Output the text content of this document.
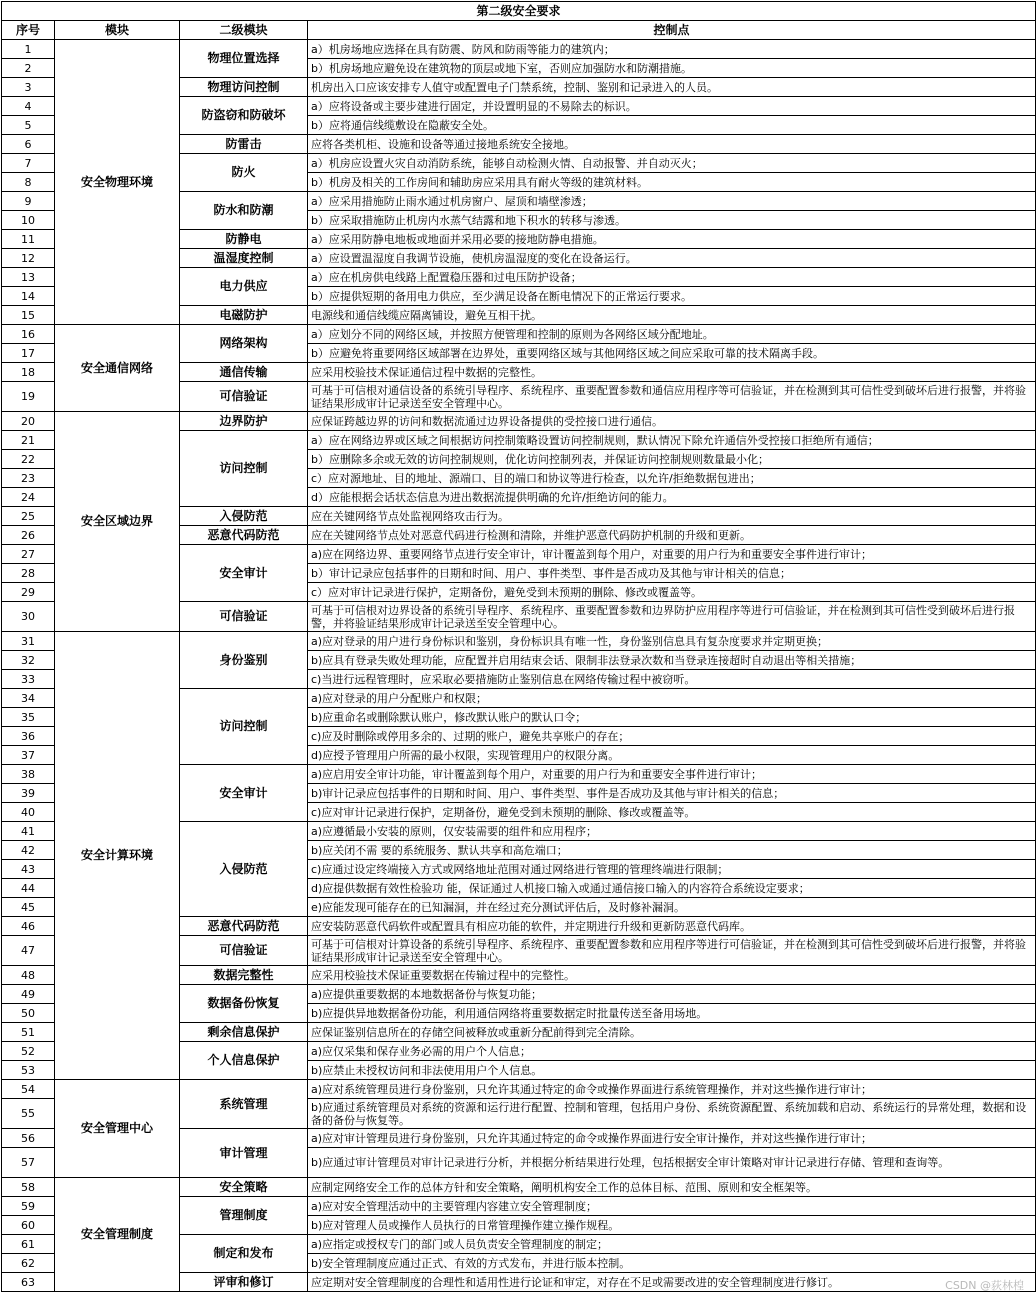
第二级安全要求			
序号	模块	二级模块	控制点
1	安全物理环境	物理位置选择	a）机房场地应选择在具有防震、防风和防雨等能力的建筑内；
2			b）机房场地应避免设在建筑物的顶层或地下室，否则应加强防水和防潮措施。
3		物理访问控制	机房出入口应该安排专人值守或配置电子门禁系统，控制、鉴别和记录进入的人员。
4		防盗窃和防破坏	a）应将设备或主要步建进行固定，并设置明显的不易除去的标识。
5			b）应将通信线缆敷设在隐蔽安全处。
6		防雷击	应将各类机柜、设施和设备等通过接地系统安全接地。
7		防火	a）机房应设置火灾自动消防系统，能够自动检测火情、自动报警、并自动灭火；
8			b）机房及相关的工作房间和辅助房应采用具有耐火等级的建筑材料。
9		防水和防潮	a）应采用措施防止雨水通过机房窗户、屋顶和墙壁渗透；
10			b）应采取措施防止机房内水蒸气结露和地下积水的转移与渗透。
11		防静电	a）应采用防静电地板或地面并采用必要的接地防静电措施。
12		温湿度控制	a）应设置温湿度自我调节设施，使机房温湿度的变化在设备运行。
13		电力供应	a）应在机房供电线路上配置稳压器和过电压防护设备；
14			b）应提供短期的备用电力供应，至少满足设备在断电情况下的正常运行要求。
15		电磁防护	电源线和通信线缆应隔离铺设，避免互相干扰。
16	安全通信网络	网络架构	a）应划分不同的网络区域，并按照方便管理和控制的原则为各网络区域分配地址。
17			b）应避免将重要网络区域部署在边界处，重要网络区域与其他网络区域之间应采取可靠的技术隔离手段。
18		通信传输	应采用校验技术保证通信过程中数据的完整性。
19		可信验证	可基于可信根对通信设备的系统引导程序、系统程序、重要配置参数和通信应用程序等可信验证，并在检测到其可信性受到破坏后进行报警，并将验证结果形成审计记录送至安全管理中心。
20	安全区域边界	边界防护	应保证跨越边界的访问和数据流通过边界设备提供的受控接口进行通信。
21		访问控制	a）应在网络边界或区域之间根据访问控制策略设置访问控制规则，默认情况下除允许通信外受控接口拒绝所有通信；
22			b）应删除多余或无效的访问控制规则，优化访问控制列表，并保证访问控制规则数量最小化；
23			c）应对源地址、目的地址、源端口、目的端口和协议等进行检查，以允许/拒绝数据包进出；
24			d）应能根据会话状态信息为进出数据流提供明确的允许/拒绝访问的能力。
25		入侵防范	应在关键网络节点处监视网络攻击行为。
26		恶意代码防范	应在关键网络节点处对恶意代码进行检测和清除，并维护恶意代码防护机制的升级和更新。
27		安全审计	a)应在网络边界、重要网络节点进行安全审计，审计覆盖到每个用户，对重要的用户行为和重要安全事件进行审计；
28			b）审计记录应包括事件的日期和时间、用户、事件类型、事件是否成功及其他与审计相关的信息；
29			c）应对审计记录进行保护，定期备份，避免受到未预期的删除、修改或覆盖等。
30		可信验证	可基于可信根对边界设备的系统引导程序、系统程序、重要配置参数和边界防护应用程序等进行可信验证，并在检测到其可信性受到破坏后进行报警，并将验证结果形成审计记录送至安全管理中心。
31	安全计算环境	身份鉴别	a)应对登录的用户进行身份标识和鉴别，身份标识具有唯一性，身份鉴别信息具有复杂度要求并定期更换；
32			b)应具有登录失败处理功能，应配置并启用结束会话、限制非法登录次数和当登录连接超时自动退出等相关措施；
33			c)当进行远程管理时，应采取必要措施防止鉴别信息在网络传输过程中被窃听。
34		访问控制	a)应对登录的用户分配账户和权限；
35			b)应重命名或删除默认账户，修改默认账户的默认口令；
36			c)应及时删除或停用多余的、过期的账户，避免共享账户的存在；
37			d)应授予管理用户所需的最小权限，实现管理用户的权限分离。
38		安全审计	a)应启用安全审计功能，审计覆盖到每个用户，对重要的用户行为和重要安全事件进行审计；
39			b)审计记录应包括事件的日期和时间、用户、事件类型、事件是否成功及其他与审计相关的信息；
40			c)应对审计记录进行保护，定期备份，避免受到未预期的删除、修改或覆盖等。
41		入侵防范	a)应遵循最小安装的原则，仅安装需要的组件和应用程序；
42			b)应关闭不需 要的系统服务、默认共享和高危端口；
43			c)应通过设定终端接入方式或网络地址范围对通过网络进行管理的管理终端进行限制；
44			d)应提供数据有效性检验功 能，保证通过人机接口输入或通过通信接口输入的内容符合系统设定要求；
45			e)应能发现可能存在的已知漏洞，并在经过充分测试评估后，及时修补漏洞。
46		恶意代码防范	应安装防恶意代码软件或配置具有相应功能的软件，并定期进行升级和更新防恶意代码库。
47		可信验证	可基于可信根对计算设备的系统引导程序、系统程序、重要配置参数和应用程序等进行可信验证，并在检测到其可信性受到破坏后进行报警，并将验证结果形成审计记录送至安全管理中心。
48		数据完整性	应采用校验技术保证重要数据在传输过程中的完整性。
49		数据备份恢复	a)应提供重要数据的本地数据备份与恢复功能；
50			b)应提供异地数据备份功能，利用通信网络将重要数据定时批量传送至备用场地。
51		剩余信息保护	应保证鉴别信息所在的存储空间被释放或重新分配前得到完全清除。
52		个人信息保护	a)应仅采集和保存业务必需的用户个人信息；
53			b)应禁止未授权访问和非法使用用户个人信息。
54	安全管理中心	系统管理	a)应对系统管理员进行身份鉴别，只允许其通过特定的命令或操作界面进行系统管理操作，并对这些操作进行审计；
55			b)应通过系统管理员对系统的资源和运行进行配置、控制和管理，包括用户身份、系统资源配置、系统加载和启动、系统运行的异常处理，数据和设备的备份与恢复等。
56		审计管理	a)应对审计管理员进行身份鉴别，只允许其通过特定的命令或操作界面进行安全审计操作，并对这些操作进行审计；
57			b)应通过审计管理员对审计记录进行分析，并根据分析结果进行处理，包括根据安全审计策略对审计记录进行存储、管理和查询等。
58	安全管理制度	安全策略	应制定网络安全工作的总体方针和安全策略，阐明机构安全工作的总体目标、范围、原则和安全框架等。
59		管理制度	a)应对安全管理活动中的主要管理内容建立安全管理制度；
60			b)应对管理人员或操作人员执行的日常管理操作建立操作规程。
61		制定和发布	a)应指定或授权专门的部门或人员负责安全管理制度的制定；
62			b)安全管理制度应通过正式、有效的方式发布，并进行版本控制。
63		评审和修订	应定期对安全管理制度的合理性和适用性进行论证和审定，对存在不足或需要改进的安全管理制度进行修订。	CSDN @荻林楻
